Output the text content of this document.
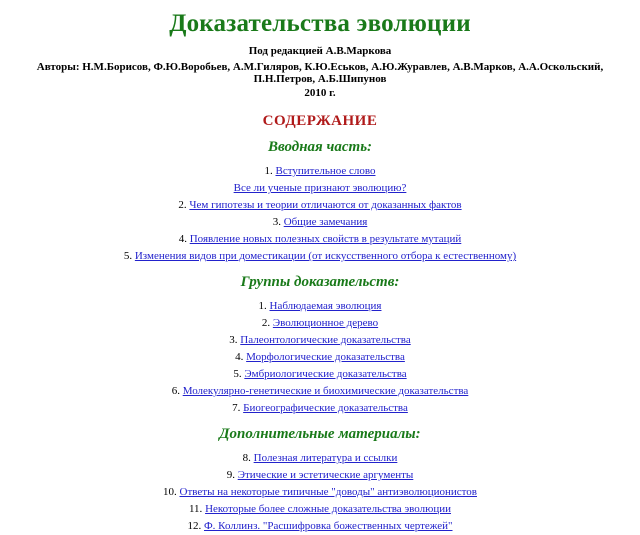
Доказательства эволюции
Под редакцией А.В.Маркова
Авторы: Н.М.Борисов, Ф.Ю.Воробьев, А.М.Гиляров, К.Ю.Еськов, А.Ю.Журавлев, А.В.Марков, А.А.Оскольский, П.Н.Петров, А.Б.Шипунов
2010 г.
СОДЕРЖАНИЕ
Вводная часть:
1. Вступительное слово
Все ли ученые признают эволюцию?
2. Чем гипотезы и теории отличаются от доказанных фактов
3. Общие замечания
4. Появление новых полезных свойств в результате мутаций
5. Изменения видов при доместикации (от искусственного отбора к естественному)
Группы доказательств:
1. Наблюдаемая эволюция
2. Эволюционное дерево
3. Палеонтологические доказательства
4. Морфологические доказательства
5. Эмбриологические доказательства
6. Молекулярно-генетические и биохимические доказательства
7. Биогеографические доказательства
Дополнительные материалы:
8. Полезная литература и ссылки
9. Этические и эстетические аргументы
10. Ответы на некоторые типичные "доводы" антиэволюционистов
11. Некоторые более сложные доказательства эволюции
12. Ф. Коллинз. "Расшифровка божественных чертежей"
